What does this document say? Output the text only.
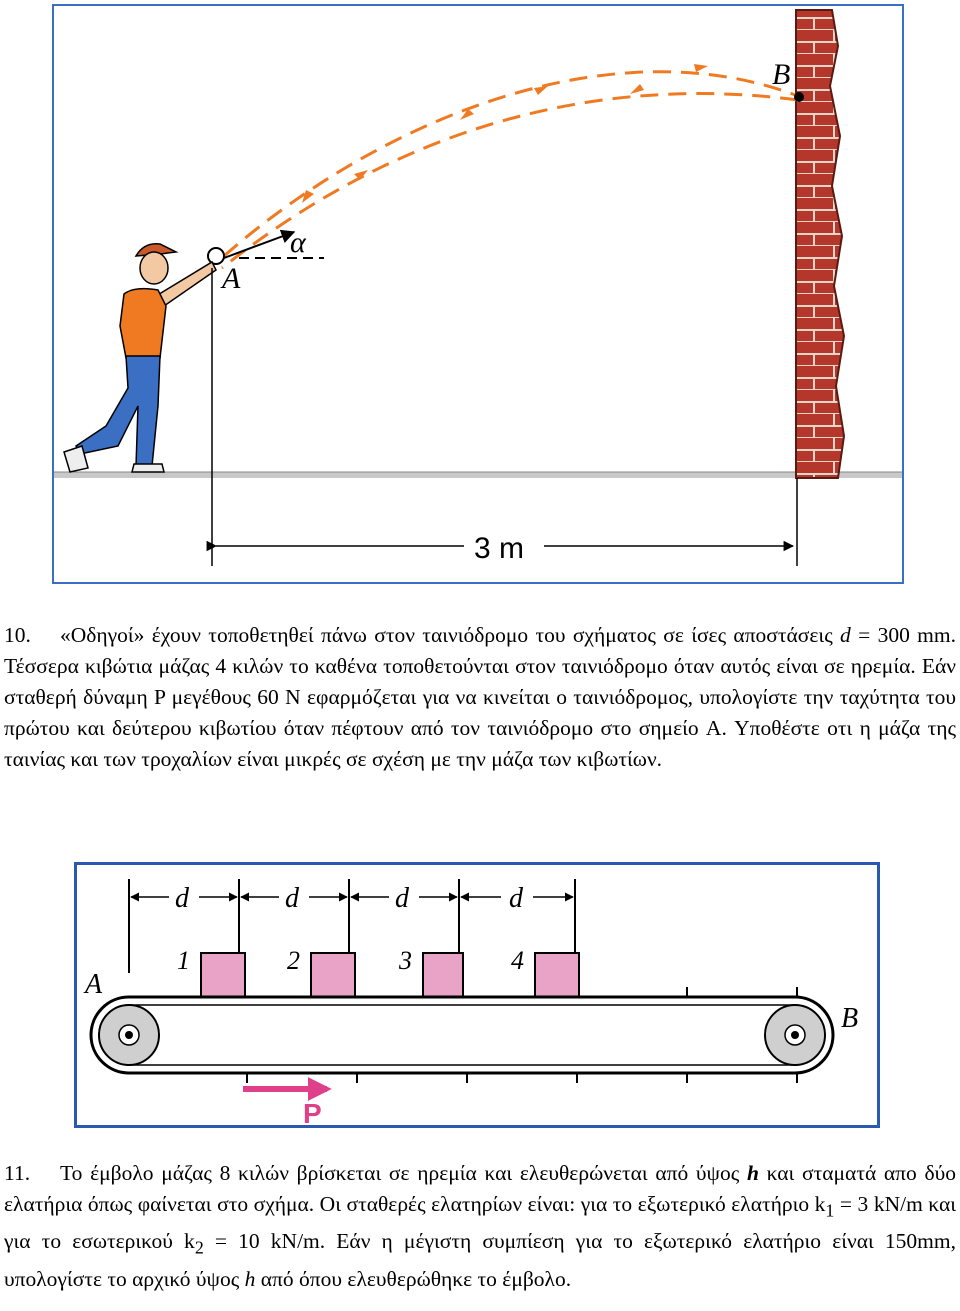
B
α
A
3 m
10. «Οδηγοί» έχουν τοποθετηθεί πάνω στον ταινιόδρομο του σχήματος σε ίσες αποστάσεις d = 300 mm. Τέσσερα κιβώτια μάζας 4 κιλών το καθένα τοποθετούνται στον ταινιόδρομο όταν αυτός είναι σε ηρεμία. Εάν σταθερή δύναμη P μεγέθους 60 N εφαρμόζεται για να κινείται ο ταινιόδρομος, υπολογίστε την ταχύτητα του πρώτου και δεύτερου κιβωτίου όταν πέφτουν από τον ταινιόδρομο στο σημείο A. Υποθέστε οτι η μάζα της ταινίας και των τροχαλίων είναι μικρές σε σχέση με την μάζα των κιβωτίων.
d	d	d	d
1	2	3	4
A
B
P
11. Το έμβολο μάζας 8 κιλών βρίσκεται σε ηρεμία και ελευθερώνεται από ύψος h και σταματά απο δύο ελατήρια όπως φαίνεται στο σχήμα. Οι σταθερές ελατηρίων είναι: για το εξωτερικό ελατήριο $k_1 = 3$ kN/m και για το εσωτερικού $k_2 = 10$ kN/m. Εάν η μέγιστη συμπίεση για το εξωτερικό ελατήριο είναι 150mm, υπολογίστε το αρχικό ύψος h από όπου ελευθερώθηκε το έμβολο.
